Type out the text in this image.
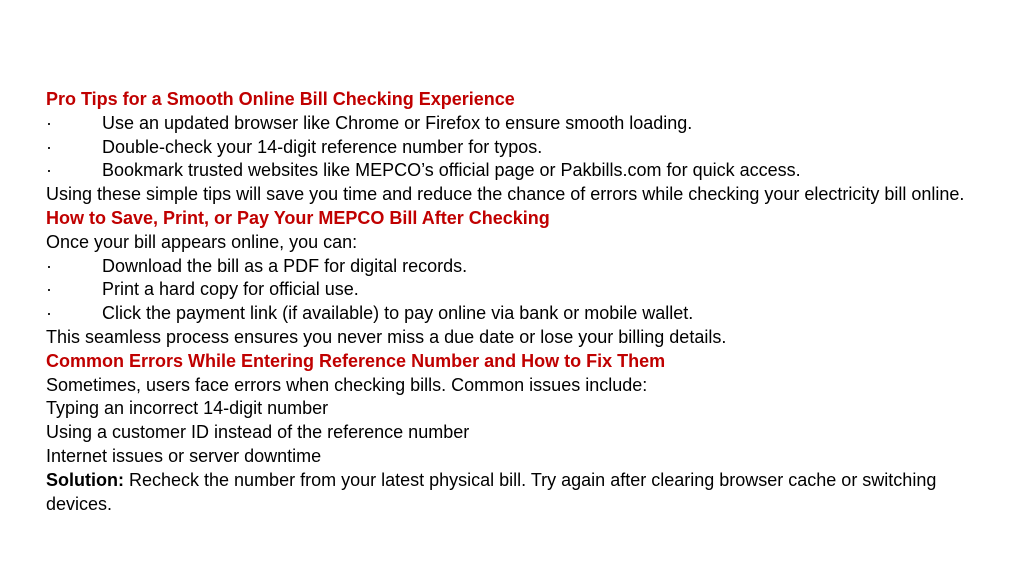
Pro Tips for a Smooth Online Bill Checking Experience
·	Use an updated browser like Chrome or Firefox to ensure smooth loading.
·	Double-check your 14-digit reference number for typos.
·	Bookmark trusted websites like MEPCO’s official page or Pakbills.com for quick access.
Using these simple tips will save you time and reduce the chance of errors while checking your electricity bill online.
How to Save, Print, or Pay Your MEPCO Bill After Checking
Once your bill appears online, you can:
·	Download the bill as a PDF for digital records.
·	Print a hard copy for official use.
·	Click the payment link (if available) to pay online via bank or mobile wallet.
This seamless process ensures you never miss a due date or lose your billing details.
Common Errors While Entering Reference Number and How to Fix Them
Sometimes, users face errors when checking bills. Common issues include:
Typing an incorrect 14-digit number
Using a customer ID instead of the reference number
Internet issues or server downtime
Solution: Recheck the number from your latest physical bill. Try again after clearing browser cache or switching devices.
